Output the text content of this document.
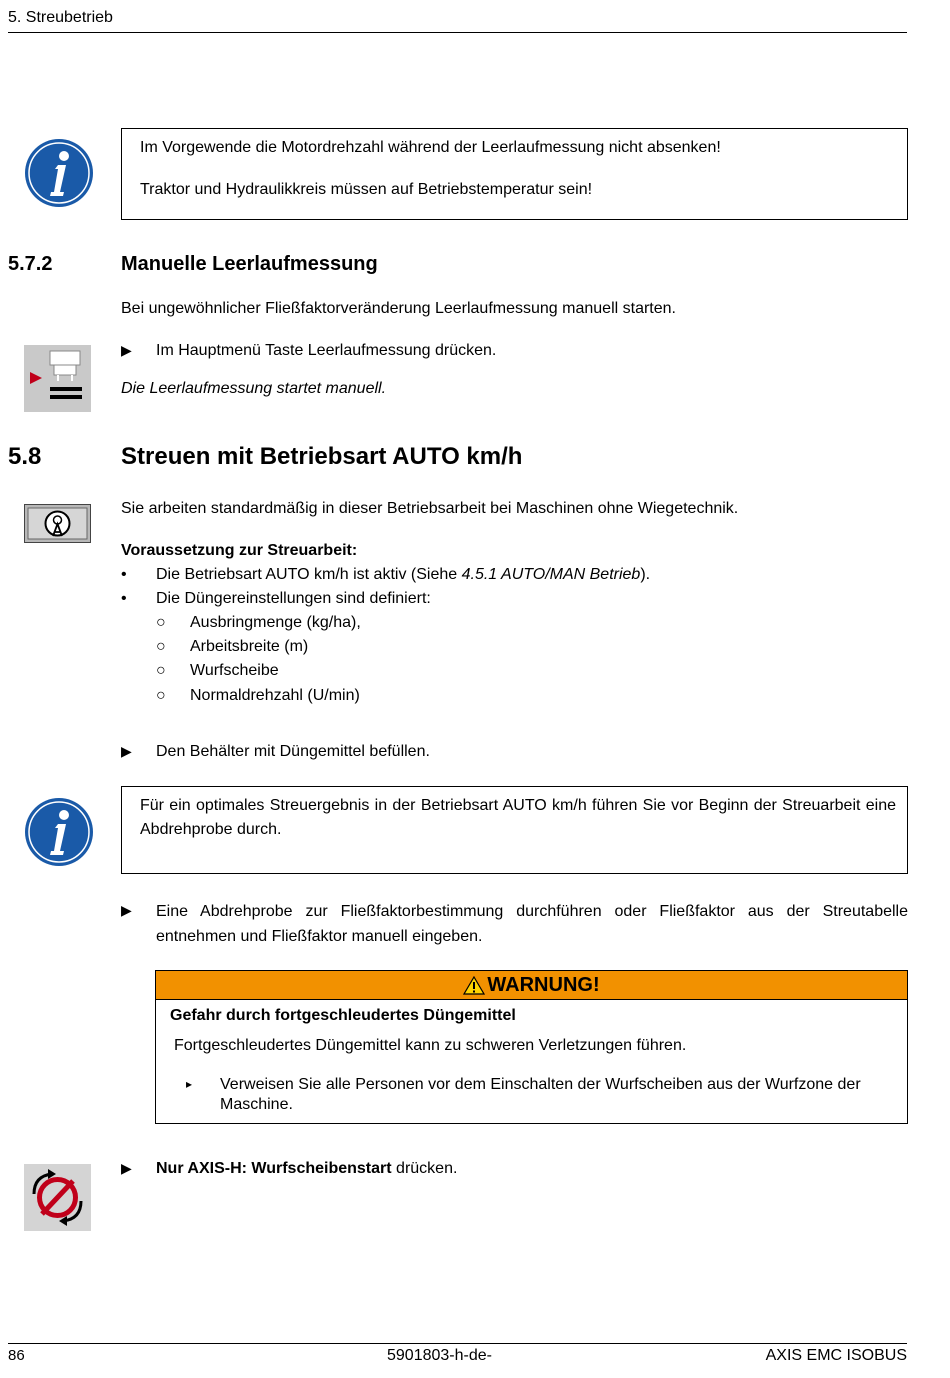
5. Streubetrieb
Im Vorgewende die Motordrehzahl während der Leerlaufmessung nicht absenken!
Traktor und Hydraulikkreis müssen auf Betriebstemperatur sein!
5.7.2	Manuelle Leerlaufmessung
Bei ungewöhnlicher Fließfaktorveränderung Leerlaufmessung manuell starten.
▶ Im Hauptmenü Taste Leerlaufmessung drücken.
Die Leerlaufmessung startet manuell.
5.8	Streuen mit Betriebsart AUTO km/h
Sie arbeiten standardmäßig in dieser Betriebsarbeit bei Maschinen ohne Wiegetechnik.
Voraussetzung zur Streuarbeit:
• Die Betriebsart AUTO km/h ist aktiv (Siehe 4.5.1 AUTO/MAN Betrieb).
• Die Düngereinstellungen sind definiert:
○ Ausbringmenge (kg/ha),
○ Arbeitsbreite (m)
○ Wurfscheibe
○ Normaldrehzahl (U/min)
▶ Den Behälter mit Düngemittel befüllen.
Für ein optimales Streuergebnis in der Betriebsart AUTO km/h führen Sie vor Beginn der Streuarbeit eine Abdrehprobe durch.
▶ Eine Abdrehprobe zur Fließfaktorbestimmung durchführen oder Fließfaktor aus der Streutabelle entnehmen und Fließfaktor manuell eingeben.
WARNUNG!
Gefahr durch fortgeschleudertes Düngemittel
Fortgeschleudertes Düngemittel kann zu schweren Verletzungen führen.
▸ Verweisen Sie alle Personen vor dem Einschalten der Wurfscheiben aus der Wurfzone der Maschine.
▶ Nur AXIS-H: Wurfscheibenstart drücken.
86	5901803-h-de-	AXIS EMC ISOBUS
